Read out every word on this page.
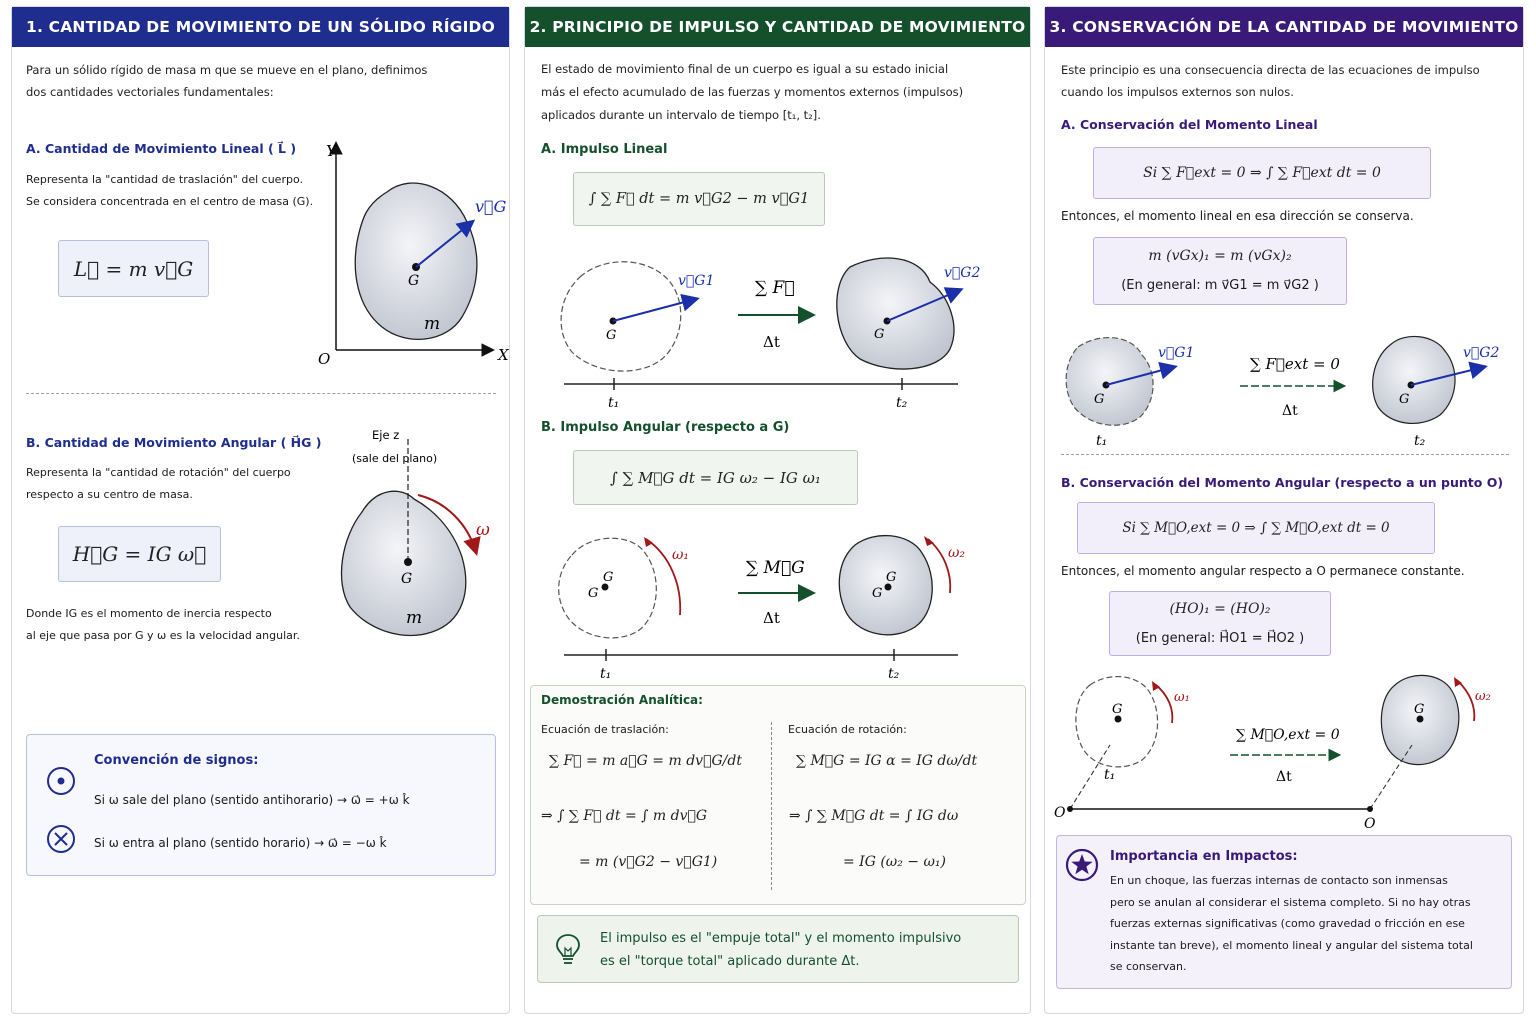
1. CANTIDAD DE MOVIMIENTO DE UN SÓLIDO RÍGIDO
Para un sólido rígido de masa m que se mueve en el plano, definimos
dos cantidades vectoriales fundamentales:
A. Cantidad de Movimiento Lineal ( L⃗ )
Representa la "cantidad de traslación" del cuerpo.
Se considera concentrada en el centro de masa (G).
L⃗ = m v⃗G
Y
X
O
G
m
v⃗G
B. Cantidad de Movimiento Angular ( H⃗G )
Representa la "cantidad de rotación" del cuerpo
respecto a su centro de masa.
H⃗G = IG ω⃗
Eje z
(sale del plano)
G
m
ω
Donde IG es el momento de inercia respecto
al eje que pasa por G y ω es la velocidad angular.
Convención de signos:
Si ω sale del plano (sentido antihorario) → ω⃗ = +ω k̂
Si ω entra al plano (sentido horario) → ω⃗ = −ω k̂
2. PRINCIPIO DE IMPULSO Y CANTIDAD DE MOVIMIENTO
El estado de movimiento final de un cuerpo es igual a su estado inicial
más el efecto acumulado de las fuerzas y momentos externos (impulsos)
aplicados durante un intervalo de tiempo [t₁, t₂].
A. Impulso Lineal
∫ ∑ F⃗ dt = m v⃗G2 − m v⃗G1
G
v⃗G1 ∑ F⃗
Δt	G
v⃗G2
t₁	t₂
B. Impulso Angular (respecto a G)
∫ ∑ M⃗G dt = IG ω₂ − IG ω₁
G
G
ω₁
∑ M⃗G
Δt
G
G
ω₂
t₁	t₂
Demostración Analítica:
Ecuación de traslación:
∑ F⃗ = m a⃗G = m dv⃗G/dt
⇒ ∫ ∑ F⃗ dt = ∫ m dv⃗G
= m (v⃗G2 − v⃗G1)
Ecuación de rotación:
∑ M⃗G = IG α = IG dω/dt
⇒ ∫ ∑ M⃗G dt = ∫ IG dω
= IG (ω₂ − ω₁)
El impulso es el "empuje total" y el momento impulsivo
es el "torque total" aplicado durante Δt.
3. CONSERVACIÓN DE LA CANTIDAD DE MOVIMIENTO
Este principio es una consecuencia directa de las ecuaciones de impulso
cuando los impulsos externos son nulos.
A. Conservación del Momento Lineal
Si ∑ F⃗ext = 0 ⇒ ∫ ∑ F⃗ext dt = 0
Entonces, el momento lineal en esa dirección se conserva.
m (vGx)₁ = m (vGx)₂
(En general: m v⃗G1 = m v⃗G2 )
G
v⃗G1
t₁
∑ F⃗ext = 0
Δt
G
v⃗G2
t₂
B. Conservación del Momento Angular (respecto a un punto O)
Si ∑ M⃗O,ext = 0 ⇒ ∫ ∑ M⃗O,ext dt = 0
Entonces, el momento angular respecto a O permanece constante.
(HO)₁ = (HO)₂
(En general: H⃗O1 = H⃗O2 )
G
ω₁
t₁
∑ M⃗O,ext = 0
Δt
G
ω₂
O
O
Importancia en Impactos:
En un choque, las fuerzas internas de contacto son inmensas
pero se anulan al considerar el sistema completo. Si no hay otras
fuerzas externas significativas (como gravedad o fricción en ese
instante tan breve), el momento lineal y angular del sistema total
se conservan.
